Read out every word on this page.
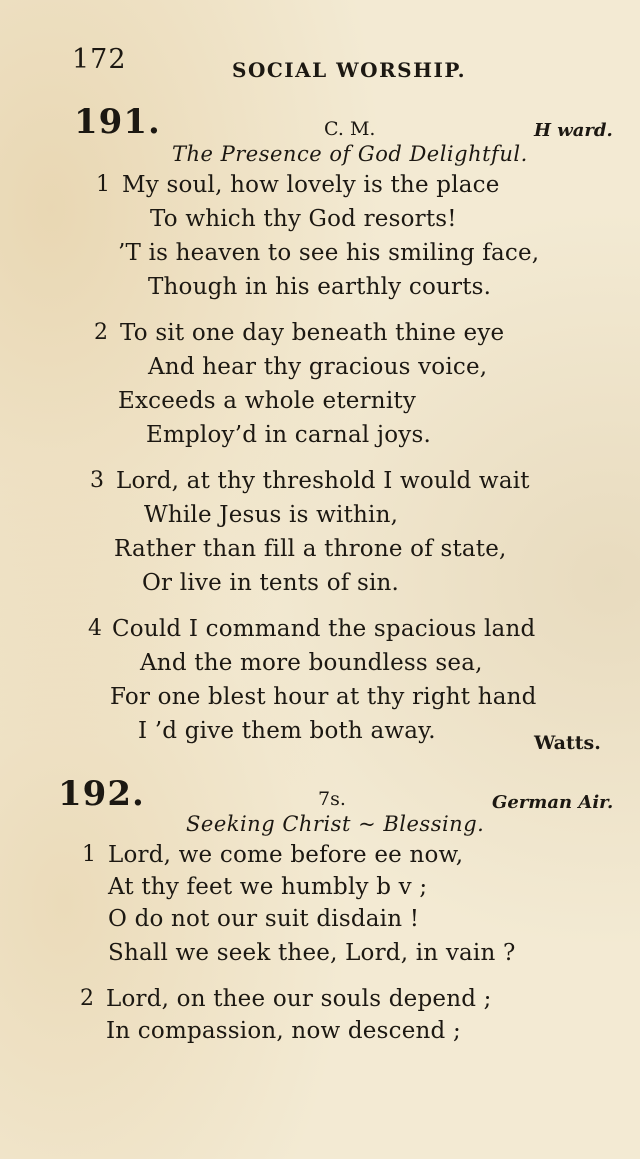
172	SOCIAL WORSHIP.
191.	C. M.	H ward.
The Presence of God Delightful.
1 My soul, how lovely is the place
To which thy God resorts!
’T is heaven to see his smiling face,
Though in his earthly courts.
2 To sit one day beneath thine eye
And hear thy gracious voice,
Exceeds a whole eternity
Employ’d in carnal joys.
3 Lord, at thy threshold I would wait
While Jesus is within,
Rather than fill a throne of state,
Or live in tents of sin.
4 Could I command the spacious land
And the more boundless sea,
For one blest hour at thy right hand
I ’d give them both away.	Watts.
192.	7s.	German Air.
Seeking Christ ~ Blessing.
1 Lord, we come before ee now,
At thy feet we humbly b v ;
O do not our suit disdain !
Shall we seek thee, Lord, in vain ?
2 Lord, on thee our souls depend ;
In compassion, now descend ;
